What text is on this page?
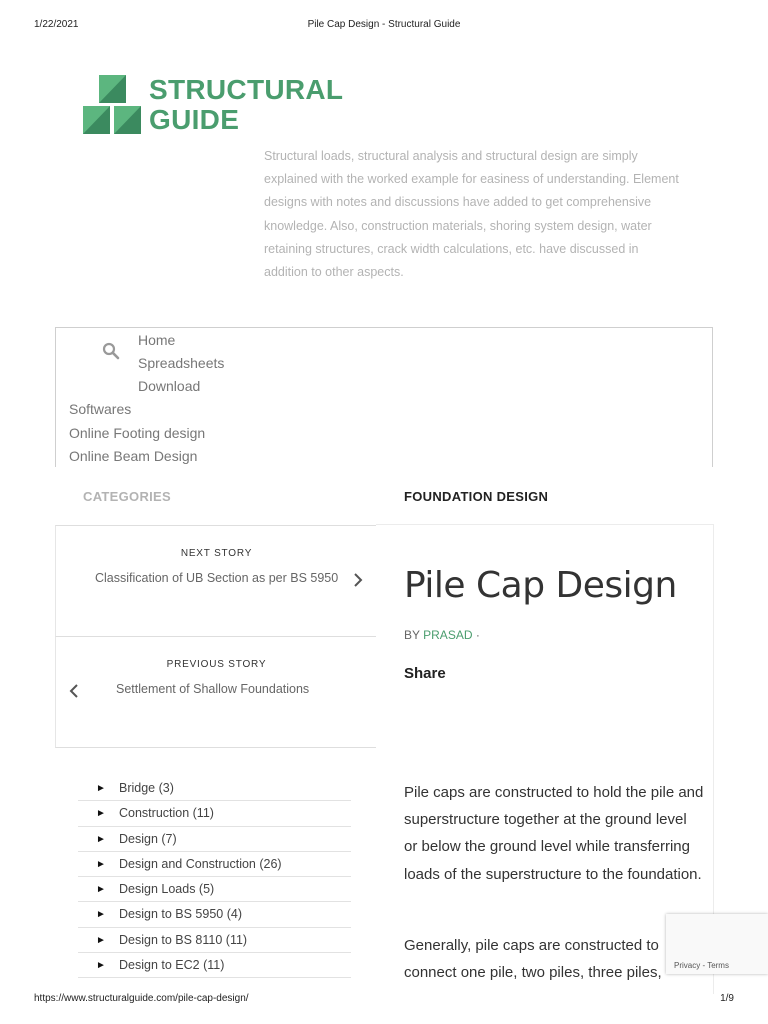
1/22/2021	Pile Cap Design - Structural Guide
https://www.structuralguide.com/pile-cap-design/	1/9
STRUCTURAL
GUIDE
Structural loads, structural analysis and structural design are simply explained with the worked example for easiness of understanding. Element designs with notes and discussions have added to get comprehensive knowledge. Also, construction materials, shoring system design, water retaining structures, crack width calculations, etc. have discussed in addition to other aspects.
Home
Spreadsheets
Download
Softwares
Online Footing design
Online Beam Design
CATEGORIES	FOUNDATION DESIGN
NEXT STORY
Classification of UB Section as per BS 5950
PREVIOUS STORY
Settlement of Shallow Foundations
► Bridge (3)
► Construction (11)
► Design (7)
► Design and Construction (26)
► Design Loads (5)
► Design to BS 5950 (4)
► Design to BS 8110 (11)
► Design to EC2 (11)
Pile Cap Design
BY PRASAD ·
Share

Pile caps are constructed to hold the pile and superstructure together at the ground level or below the ground level while transferring loads of the superstructure to the foundation.

Generally, pile caps are constructed to connect one pile, two piles, three piles,	Privacy - Terms
